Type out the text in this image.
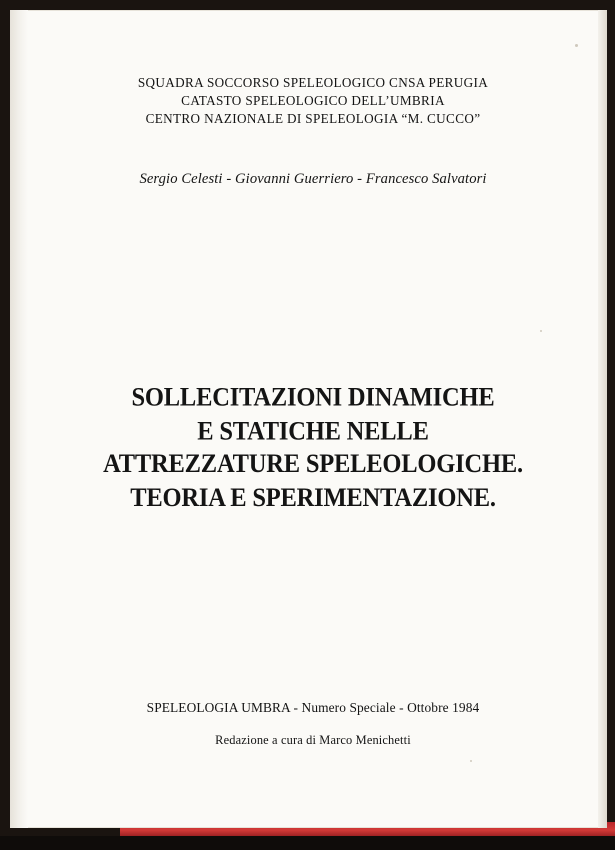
SQUADRA SOCCORSO SPELEOLOGICO CNSA PERUGIA
CATASTO SPELEOLOGICO DELL’UMBRIA
CENTRO NAZIONALE DI SPELEOLOGIA “M. CUCCO”
Sergio Celesti - Giovanni Guerriero - Francesco Salvatori
SOLLECITAZIONI DINAMICHE
E STATICHE NELLE
ATTREZZATURE SPELEOLOGICHE.
TEORIA E SPERIMENTAZIONE.
SPELEOLOGIA UMBRA - Numero Speciale - Ottobre 1984
Redazione a cura di Marco Menichetti
